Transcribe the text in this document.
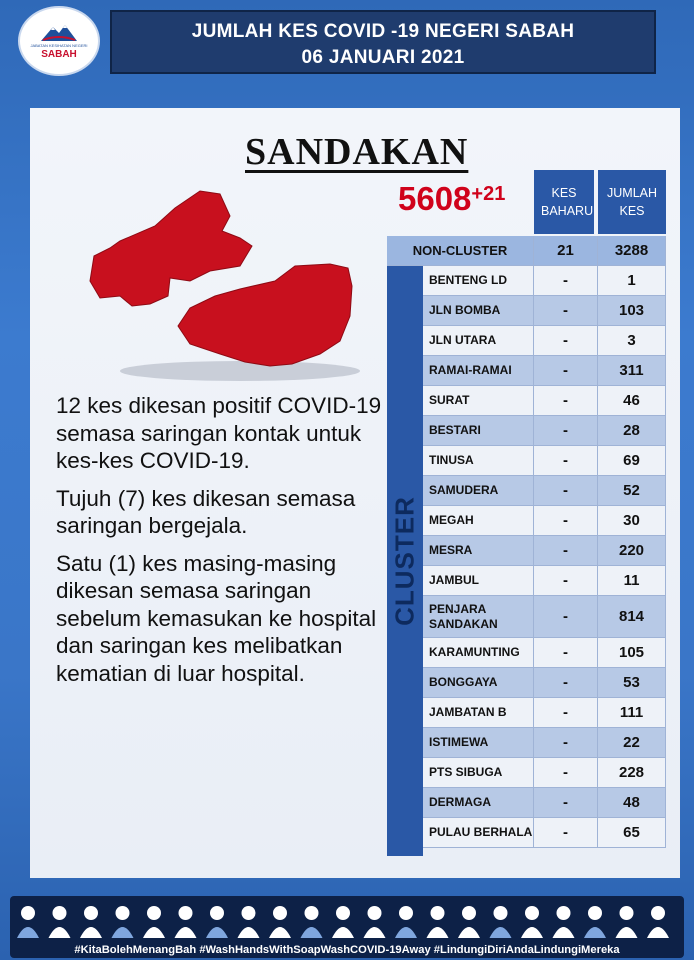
JABATAN KESIHATAN NEGERI
SABAH
JUMLAH KES COVID -19 NEGERI SABAH
06 JANUARI 2021
SANDAKAN

12 kes dikesan positif COVID-19 semasa saringan kontak untuk kes-kes COVID-19.

Tujuh (7) kes dikesan semasa saringan bergejala.

Satu (1) kes masing-masing dikesan semasa saringan sebelum kemasukan ke hospital dan saringan kes melibatkan kematian di luar hospital.

5608+21	KES BAHARU
JUMLAH KES
NON-CLUSTER	21	3288
CLUSTER
BENTENG LD	-	1
JLN BOMBA	-	103
JLN UTARA	-	3
RAMAI-RAMAI	-	311
SURAT	-	46
BESTARI	-	28
TINUSA	-	69
SAMUDERA	-	52
MEGAH	-	30
MESRA	-	220
JAMBUL	-	11
PENJARA SANDAKAN	-	814
KARAMUNTING	-	105
BONGGAYA	-	53
JAMBATAN B	-	111
ISTIMEWA	-	22
PTS SIBUGA	-	228
DERMAGA	-	48
PULAU BERHALA	-	65
#KitaBolehMenangBah #WashHandsWithSoapWashCOVID-19Away #LindungiDiriAndaLindungiMereka
